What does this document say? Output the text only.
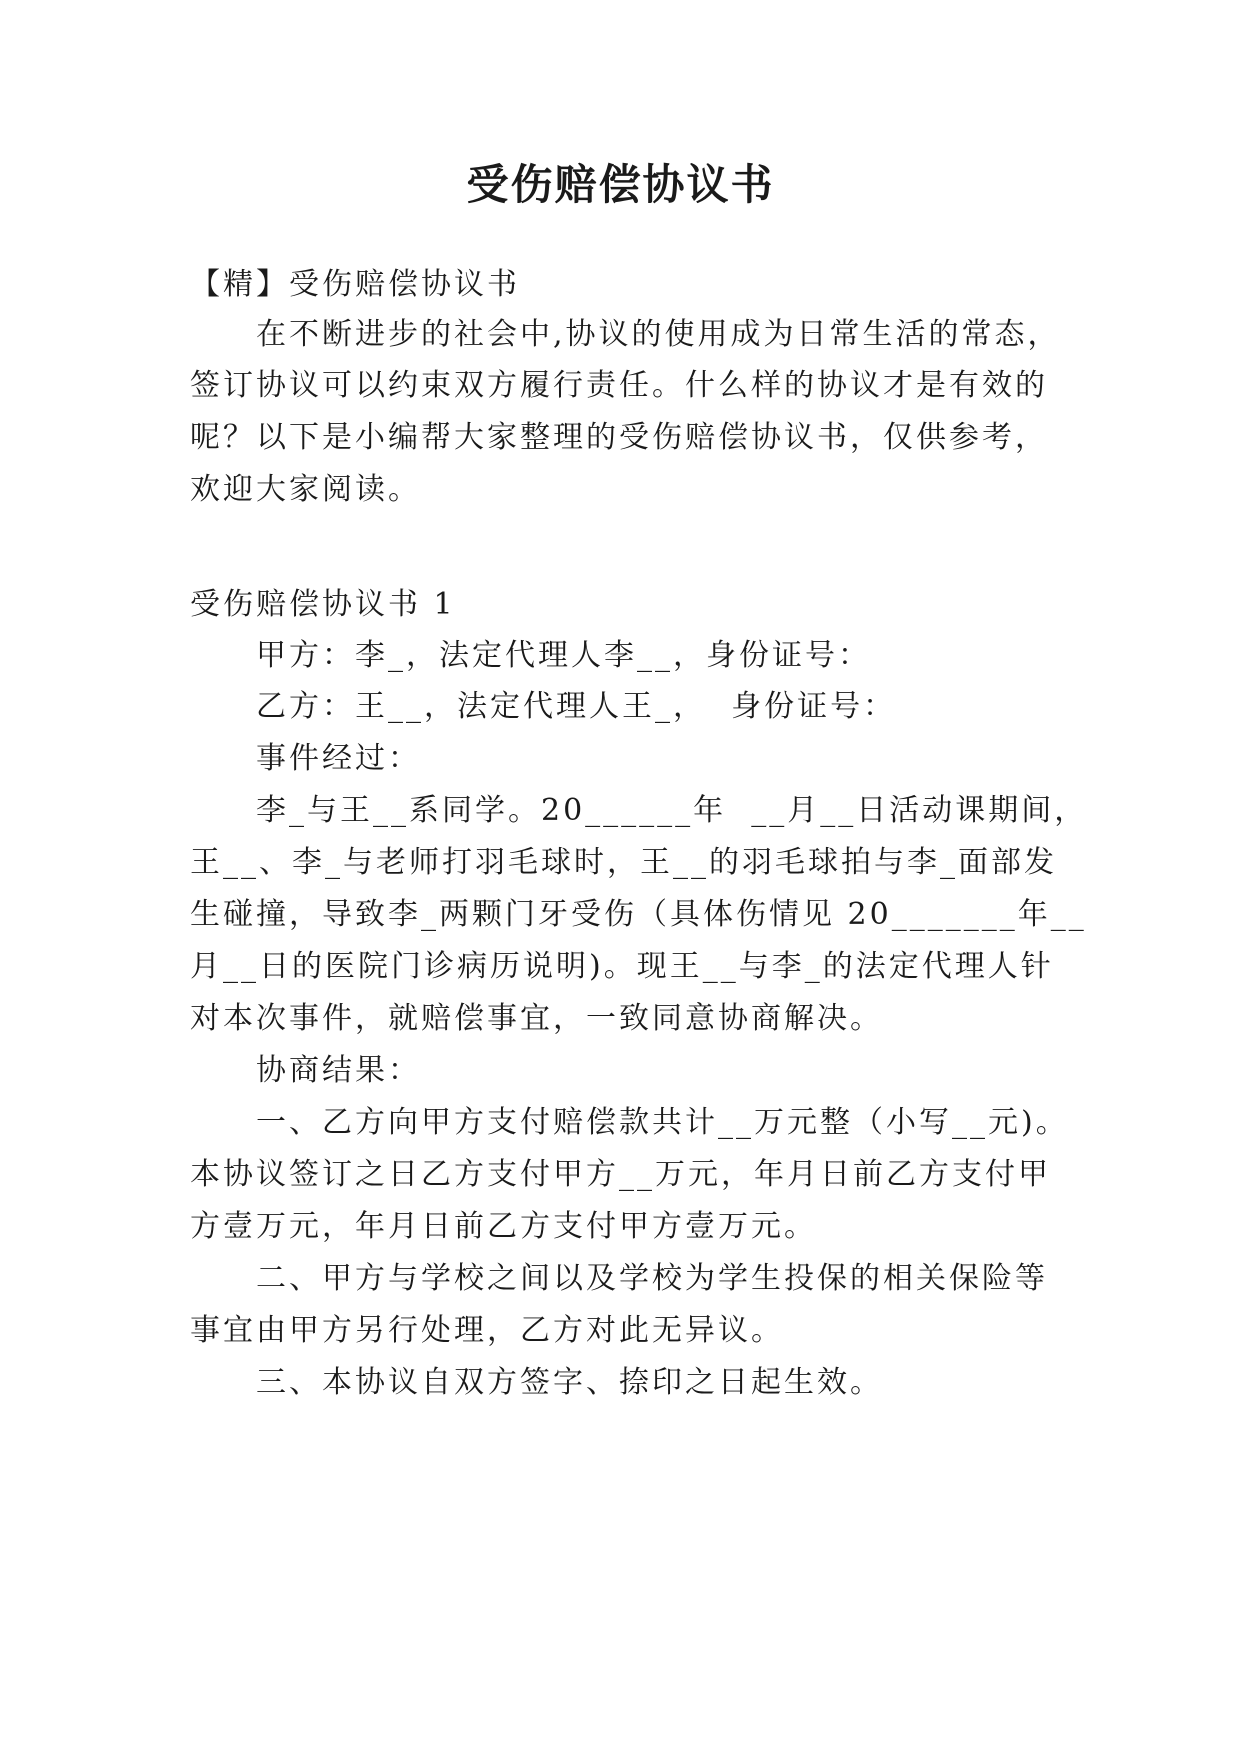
受伤赔偿协议书
【精】受伤赔偿协议书
在不断进步的社会中,协议的使用成为日常生活的常态，
签订协议可以约束双方履行责任。什么样的协议才是有效的
呢？以下是小编帮大家整理的受伤赔偿协议书，仅供参考，
欢迎大家阅读。
受伤赔偿协议书 1
甲方：李_，法定代理人李__，身份证号：
乙方：王__，法定代理人王_，  身份证号：
事件经过：
李_与王__系同学。20______年  __月__日活动课期间，
王__、李_与老师打羽毛球时，王__的羽毛球拍与李_面部发
生碰撞，导致李_两颗门牙受伤（具体伤情见 20_______年__
月__日的医院门诊病历说明)。现王__与李_的法定代理人针
对本次事件，就赔偿事宜，一致同意协商解决。
协商结果：
一、乙方向甲方支付赔偿款共计__万元整（小写__元)。
本协议签订之日乙方支付甲方__万元，年月日前乙方支付甲
方壹万元，年月日前乙方支付甲方壹万元。
二、甲方与学校之间以及学校为学生投保的相关保险等
事宜由甲方另行处理，乙方对此无异议。
三、本协议自双方签字、捺印之日起生效。
